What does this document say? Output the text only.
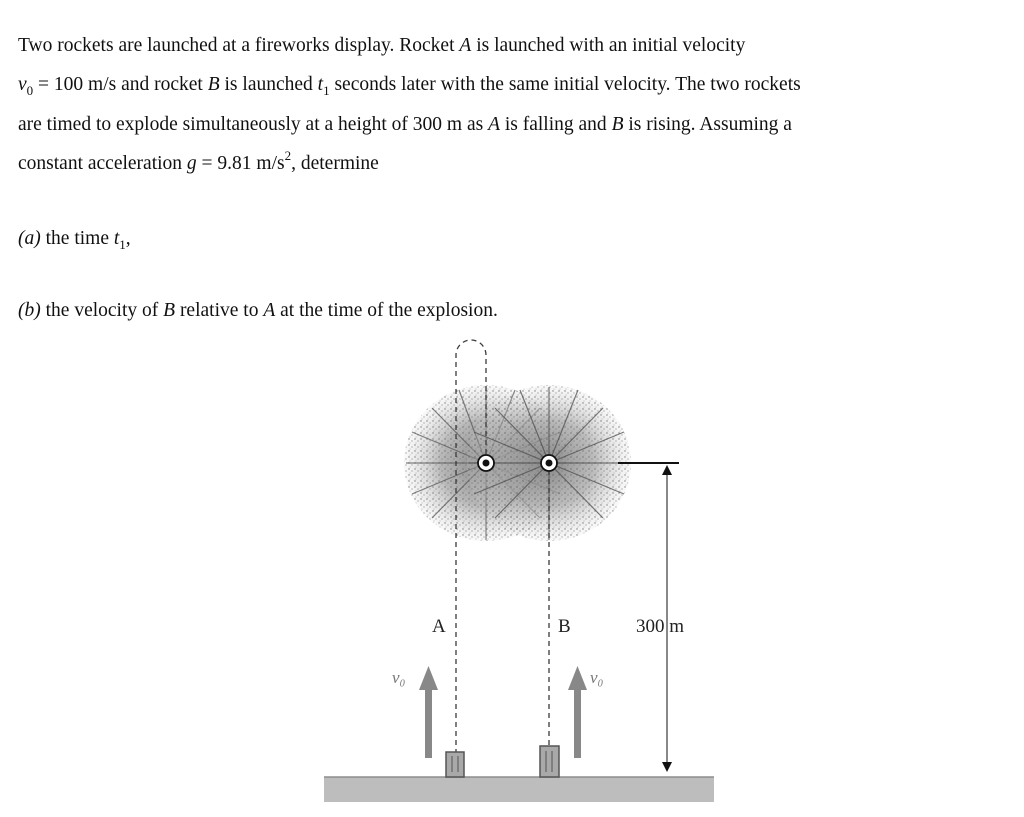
Two rockets are launched at a fireworks display. Rocket A is launched with an initial velocity
$v_0 = 100$ m/s and rocket B is launched $t_1$ seconds later with the same initial velocity. The two rockets
are timed to explode simultaneously at a height of 300 m as A is falling and B is rising. Assuming a
constant acceleration g = 9.81 $m/s^2$, determine

(a) the time $t_1$,

(b) the velocity of B relative to A at the time of the explosion.

A	B	300 m
v₀	v₀
